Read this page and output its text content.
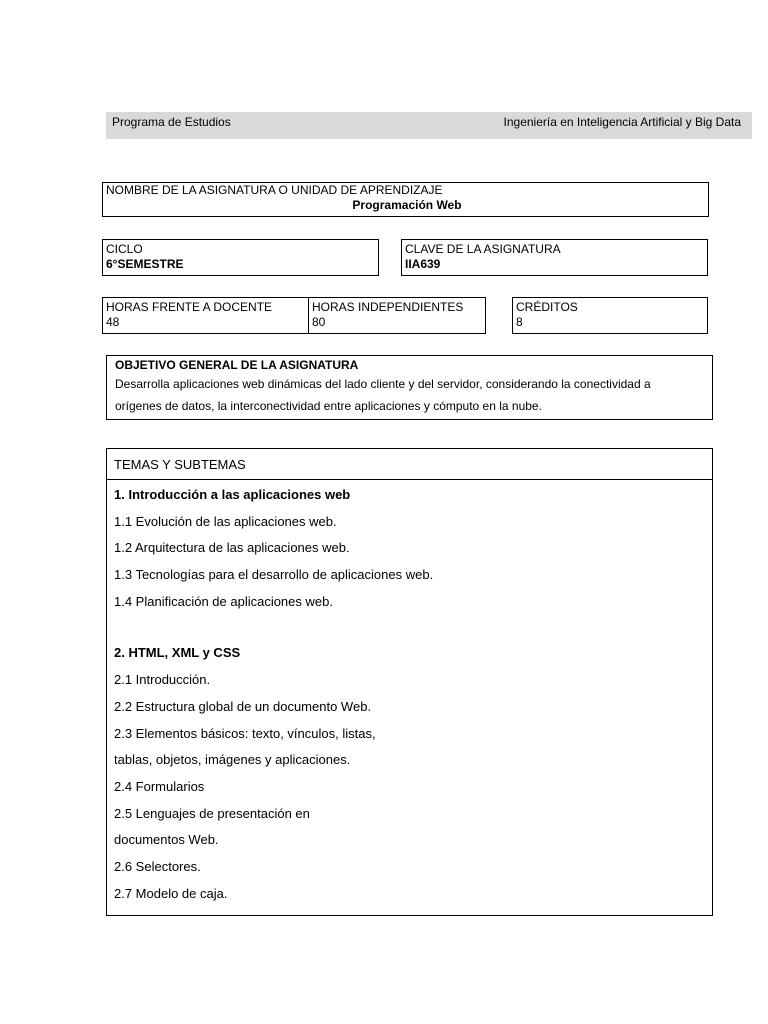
Programa de Estudios	Ingeniería en Inteligencia Artificial y Big Data
NOMBRE DE LA ASIGNATURA O UNIDAD DE APRENDIZAJE
Programación Web
CICLO
6°SEMESTRE
CLAVE DE LA ASIGNATURA
IIA639
HORAS FRENTE A DOCENTE
48
HORAS INDEPENDIENTES
80
CRÉDITOS
8
OBJETIVO GENERAL DE LA ASIGNATURA
Desarrolla aplicaciones web dinámicas del lado cliente y del servidor, considerando la conectividad a
orígenes de datos, la interconectividad entre aplicaciones y cómputo en la nube.
TEMAS Y SUBTEMAS
1. Introducción a las aplicaciones web
1.1 Evolución de las aplicaciones web.
1.2 Arquitectura de las aplicaciones web.
1.3 Tecnologías para el desarrollo de aplicaciones web.
1.4 Planificación de aplicaciones web.
2. HTML, XML y CSS
2.1 Introducción.
2.2 Estructura global de un documento Web.
2.3 Elementos básicos: texto, vínculos, listas,
tablas, objetos, imágenes y aplicaciones.
2.4 Formularios
2.5 Lenguajes de presentación en
documentos Web.
2.6 Selectores.
2.7 Modelo de caja.
